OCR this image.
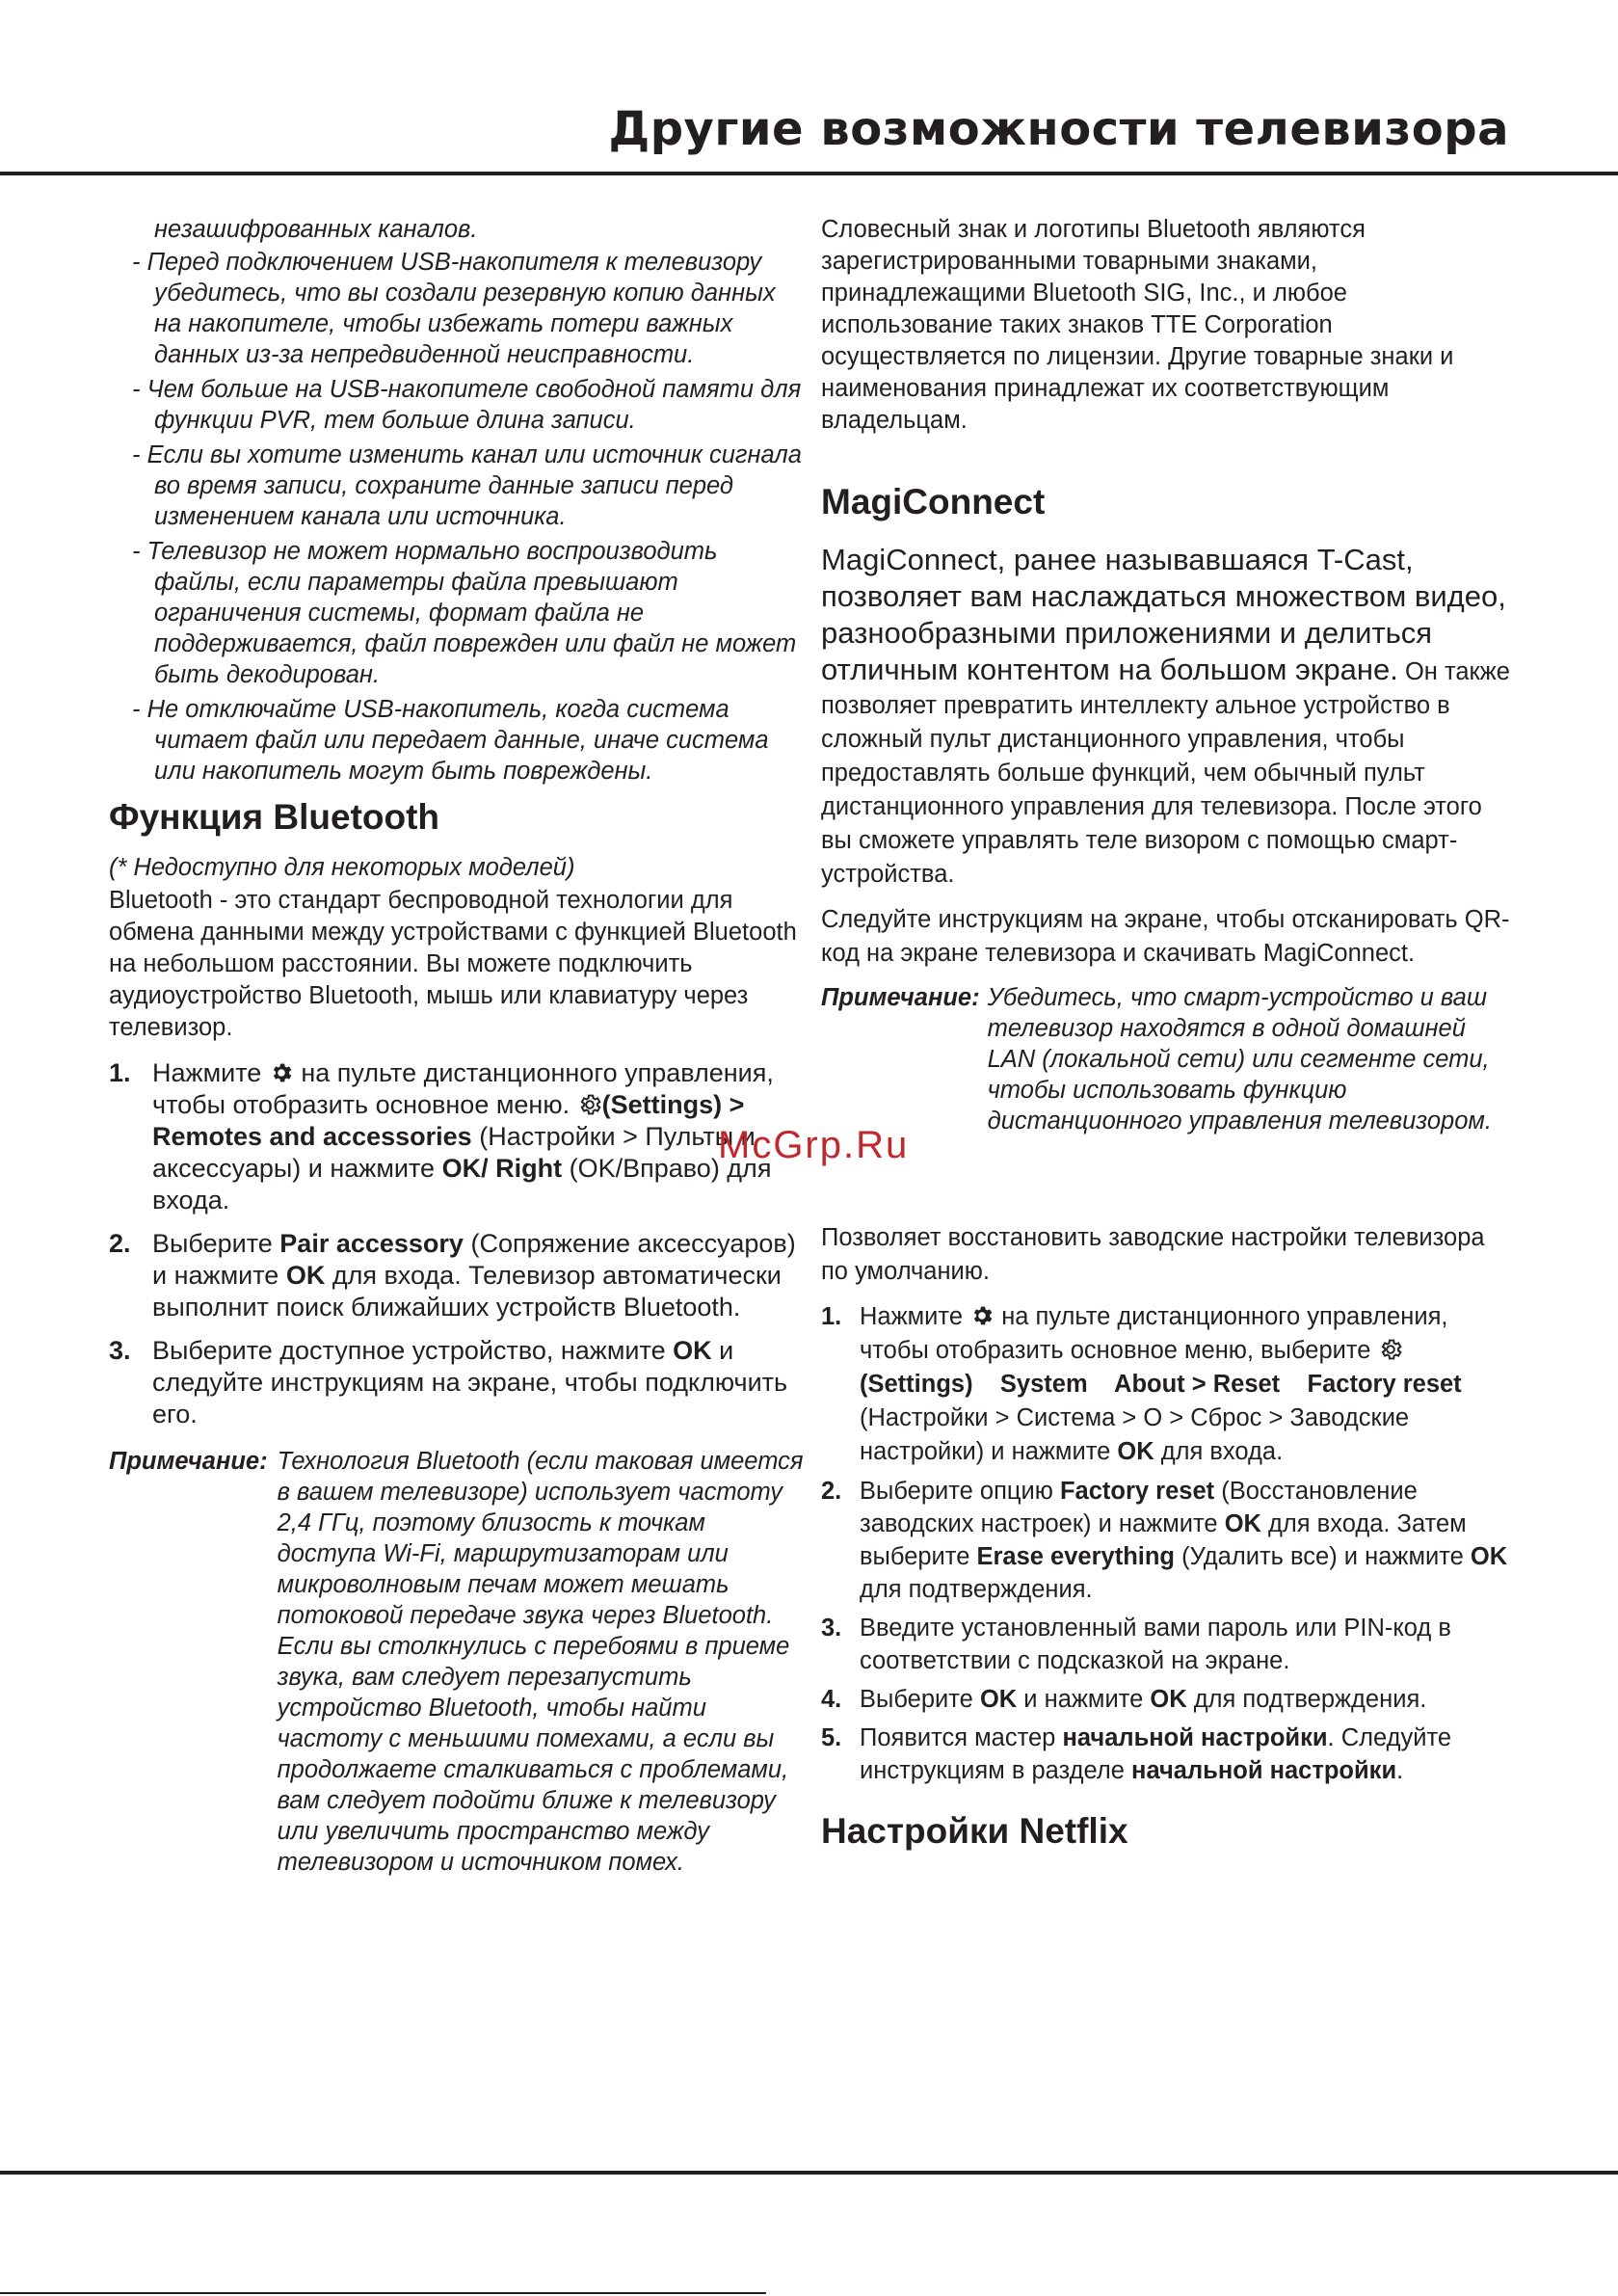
Другие возможности телевизора

незашифрованных каналов.

- Перед подключением USB-накопителя к телевизору убедитесь, что вы создали резервную копию данных на накопителе, чтобы избежать потери важных данных из-за непредвиденной неисправности.

- Чем больше на USB-накопителе свободной памяти для функции PVR, тем больше длина записи.

- Если вы хотите изменить канал или источник сигнала во время записи, сохраните данные записи перед изменением канала или источника.

- Телевизор не может нормально воспроизводить файлы, если параметры файла превышают ограничения системы, формат файла не поддерживается, файл поврежден или файл не может быть декодирован.

- Не отключайте USB-накопитель, когда система читает файл или передает данные, иначе система или накопитель могут быть повреждены.

Функция Bluetooth

(* Недоступно для некоторых моделей)

Bluetooth - это стандарт беспроводной технологии для обмена данными между устройствами с функцией Bluetooth на небольшом расстоянии. Вы можете подключить аудиоустройство Bluetooth, мышь или клавиатуру через телевизор.

1. Нажмите на пульте дистанционного управления, чтобы отобразить основное меню. (Settings) > Remotes and accessories (Настройки > Пульты и аксессуары) и нажмите OK/ Right (OK/Вправо) для входа.
2. Выберите Pair accessory (Сопряжение аксессуаров) и нажмите OK для входа. Телевизор автоматически выполнит поиск ближайших устройств Bluetooth.
3. Выберите доступное устройство, нажмите OK и следуйте инструкциям на экране, чтобы подключить его.
Примечание: Технология Bluetooth (если таковая имеется в вашем телевизоре) использует частоту 2,4 ГГц, поэтому близость к точкам доступа Wi-Fi, маршрутизаторам или микроволновым печам может мешать потоковой передаче звука через Bluetooth. Если вы столкнулись с перебоями в приеме звука, вам следует перезапустить устройство Bluetooth, чтобы найти частоту с меньшими помехами, а если вы продолжаете сталкиваться с проблемами, вам следует подойти ближе к телевизору или увеличить пространство между телевизором и источником помех.

Словесный знак и логотипы Bluetooth являются зарегистрированными товарными знаками, принадлежащими Bluetooth SIG, Inc., и любое использование таких знаков TTE Corporation осуществляется по лицензии. Другие товарные знаки и наименования принадлежат их соответствующим владельцам.

MagiConnect

MagiConnect, ранее называвшаяся T-Cast, позволяет вам наслаждаться множеством видео, разнообразными приложениями и делиться отличным контентом на большом экране. Он также позволяет превратить интеллекту альное устройство в сложный пульт дистанционного управления, чтобы предоставлять больше функций, чем обычный пульт дистанционного управления для телевизора. После этого вы сможете управлять теле визором с помощью смарт-устройства.

Следуйте инструкциям на экране, чтобы отсканировать QR-код на экране телевизора и скачивать MagiConnect.

Примечание: Убедитесь, что смарт-устройство и ваш телевизор находятся в одной домашней LAN (локальной сети) или сегменте сети, чтобы использовать функцию дистанционного управления телевизором.

Позволяет восстановить заводские настройки телевизора по умолчанию.

1. Нажмите на пульте дистанционного управления, чтобы отобразить основное меню, выберите
(Settings)    System    About > Reset    Factory reset (Настройки > Система > О > Сброс > Заводские настройки) и нажмите OK для входа.
2. Выберите опцию Factory reset (Восстановление заводских настроек) и нажмите OK для входа. Затем выберите Erase everything (Удалить все) и нажмите OK для подтверждения.
3. Введите установленный вами пароль или PIN-код в соответствии с подсказкой на экране.
4. Выберите OK и нажмите OK для подтверждения.
5. Появится мастер начальной настройки. Следуйте инструкциям в разделе начальной настройки.
Настройки Netflix

McGrp.Ru
